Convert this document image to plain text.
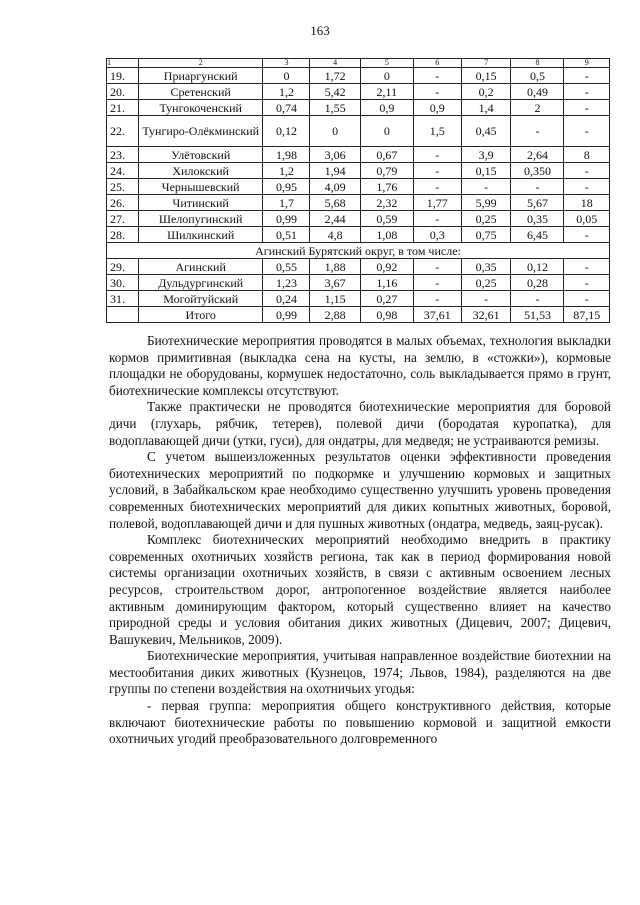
163
1	2	3	4	5	6	7	8	9
19.	Приаргунский	0	1,72	0	-	0,15	0,5	-
20.	Сретенский	1,2	5,42	2,11	-	0,2	0,49	-
21.	Тунгокоченский	0,74	1,55	0,9	0,9	1,4	2	-
22.	Тунгиро-Олёкминский	0,12	0	0	1,5	0,45	-	-
23.	Улётовский	1,98	3,06	0,67	-	3,9	2,64	8
24.	Хилокский	1,2	1,94	0,79	-	0,15	0,350	-
25.	Чернышевский	0,95	4,09	1,76	-	-	-	-
26.	Читинский	1,7	5,68	2,32	1,77	5,99	5,67	18
27.	Шелопугинский	0,99	2,44	0,59	-	0,25	0,35	0,05
28.	Шилкинский	0,51	4,8	1,08	0,3	0,75	6,45	-
Агинский Бурятский округ, в том числе:								
29.	Агинский	0,55	1,88	0,92	-	0,35	0,12	-
30.	Дульдургинский	1,23	3,67	1,16	-	0,25	0,28	-
31.	Могойтуйский	0,24	1,15	0,27	-	-	-	-
	Итого	0,99	2,88	0,98	37,61	32,61	51,53	87,15

Биотехнические мероприятия проводятся в малых объемах, технология выкладки кормов примитивная (выкладка сена на кусты, на землю, в «стожки»), кормовые площадки не оборудованы, кормушек недостаточно, соль выкладывается прямо в грунт, биотехнические комплексы отсутствуют.

Также практически не проводятся биотехнические мероприятия для боровой дичи (глухарь, рябчик, тетерев), полевой дичи (бородатая куропатка), для водоплавающей дичи (утки, гуси), для ондатры, для медведя; не устраиваются ремизы.

С учетом вышеизложенных результатов оценки эффективности проведения биотехнических мероприятий по подкормке и улучшению кормовых и защитных условий, в Забайкальском крае необходимо существенно улучшить уровень проведения современных биотехнических мероприятий для диких копытных животных, боровой, полевой, водоплавающей дичи и для пушных животных (ондатра, медведь, заяц-русак).

Комплекс биотехнических мероприятий необходимо внедрить в практику современных охотничьих хозяйств региона, так как в период формирования новой системы организации охотничьих хозяйств, в связи с активным освоением лесных ресурсов, строительством дорог, антропогенное воздействие является наиболее активным доминирующим фактором, который существенно влияет на качество природной среды и условия обитания диких животных (Дицевич, 2007; Дицевич, Вашукевич, Мельников, 2009).

Биотехнические мероприятия, учитывая направленное воздействие биотехнии на местообитания диких животных (Кузнецов, 1974; Львов, 1984), разделяются на две группы по степени воздействия на охотничьих угодья:

- первая группа: мероприятия общего конструктивного действия, которые включают биотехнические работы по повышению кормовой и защитной емкости охотничьих угодий преобразовательного долговременного
